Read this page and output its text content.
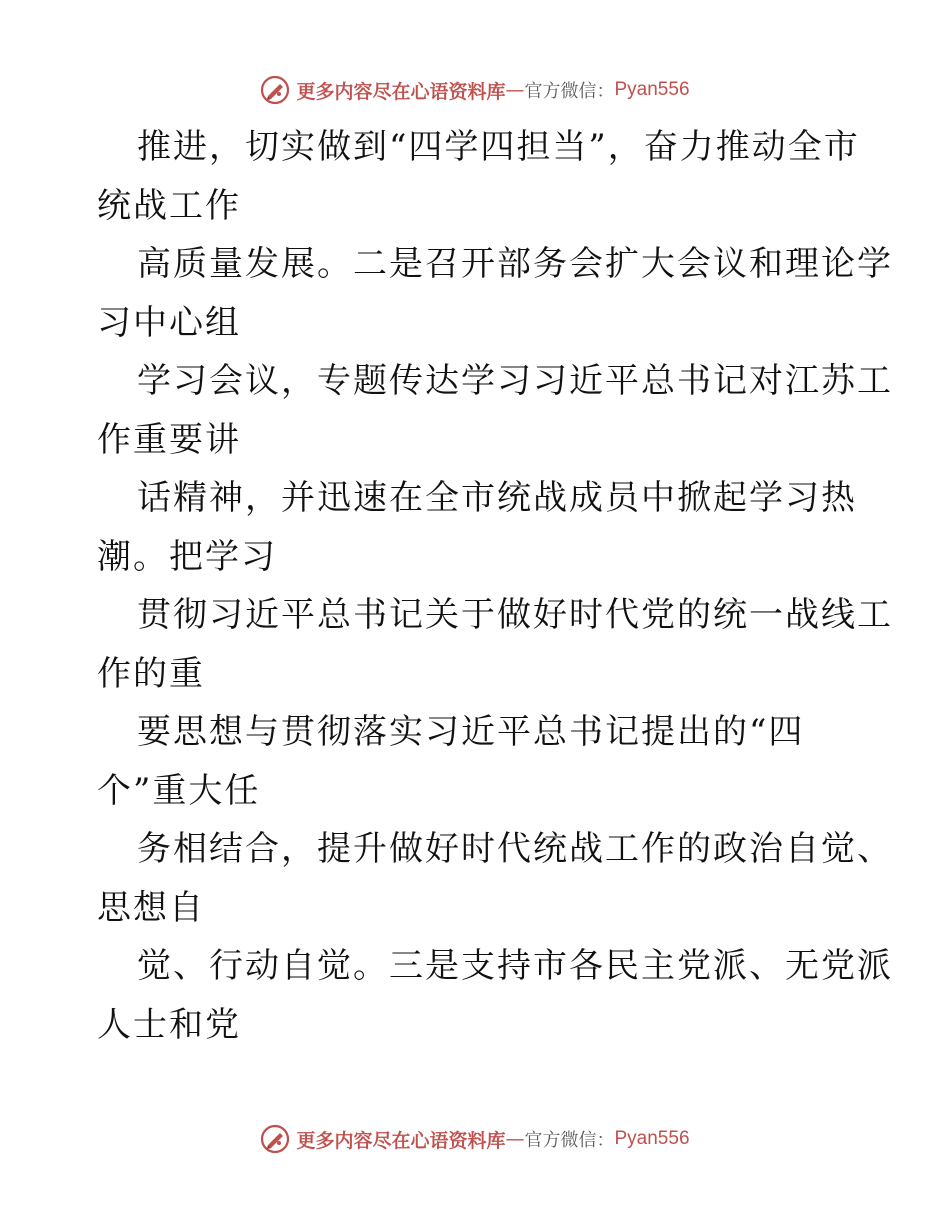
更多内容尽在心语资料库 — 官方微信： Pyan556
推进，切实做到“四学四担当”，奋力推动全市
统战工作
高质量发展。二是召开部务会扩大会议和理论学
习中心组
学习会议，专题传达学习习近平总书记对江苏工
作重要讲
话精神，并迅速在全市统战成员中掀起学习热
潮。把学习
贯彻习近平总书记关于做好时代党的统一战线工
作的重
要思想与贯彻落实习近平总书记提出的“四
个”重大任
务相结合，提升做好时代统战工作的政治自觉、
思想自
觉、行动自觉。三是支持市各民主党派、无党派
人士和党
更多内容尽在心语资料库 — 官方微信： Pyan556
